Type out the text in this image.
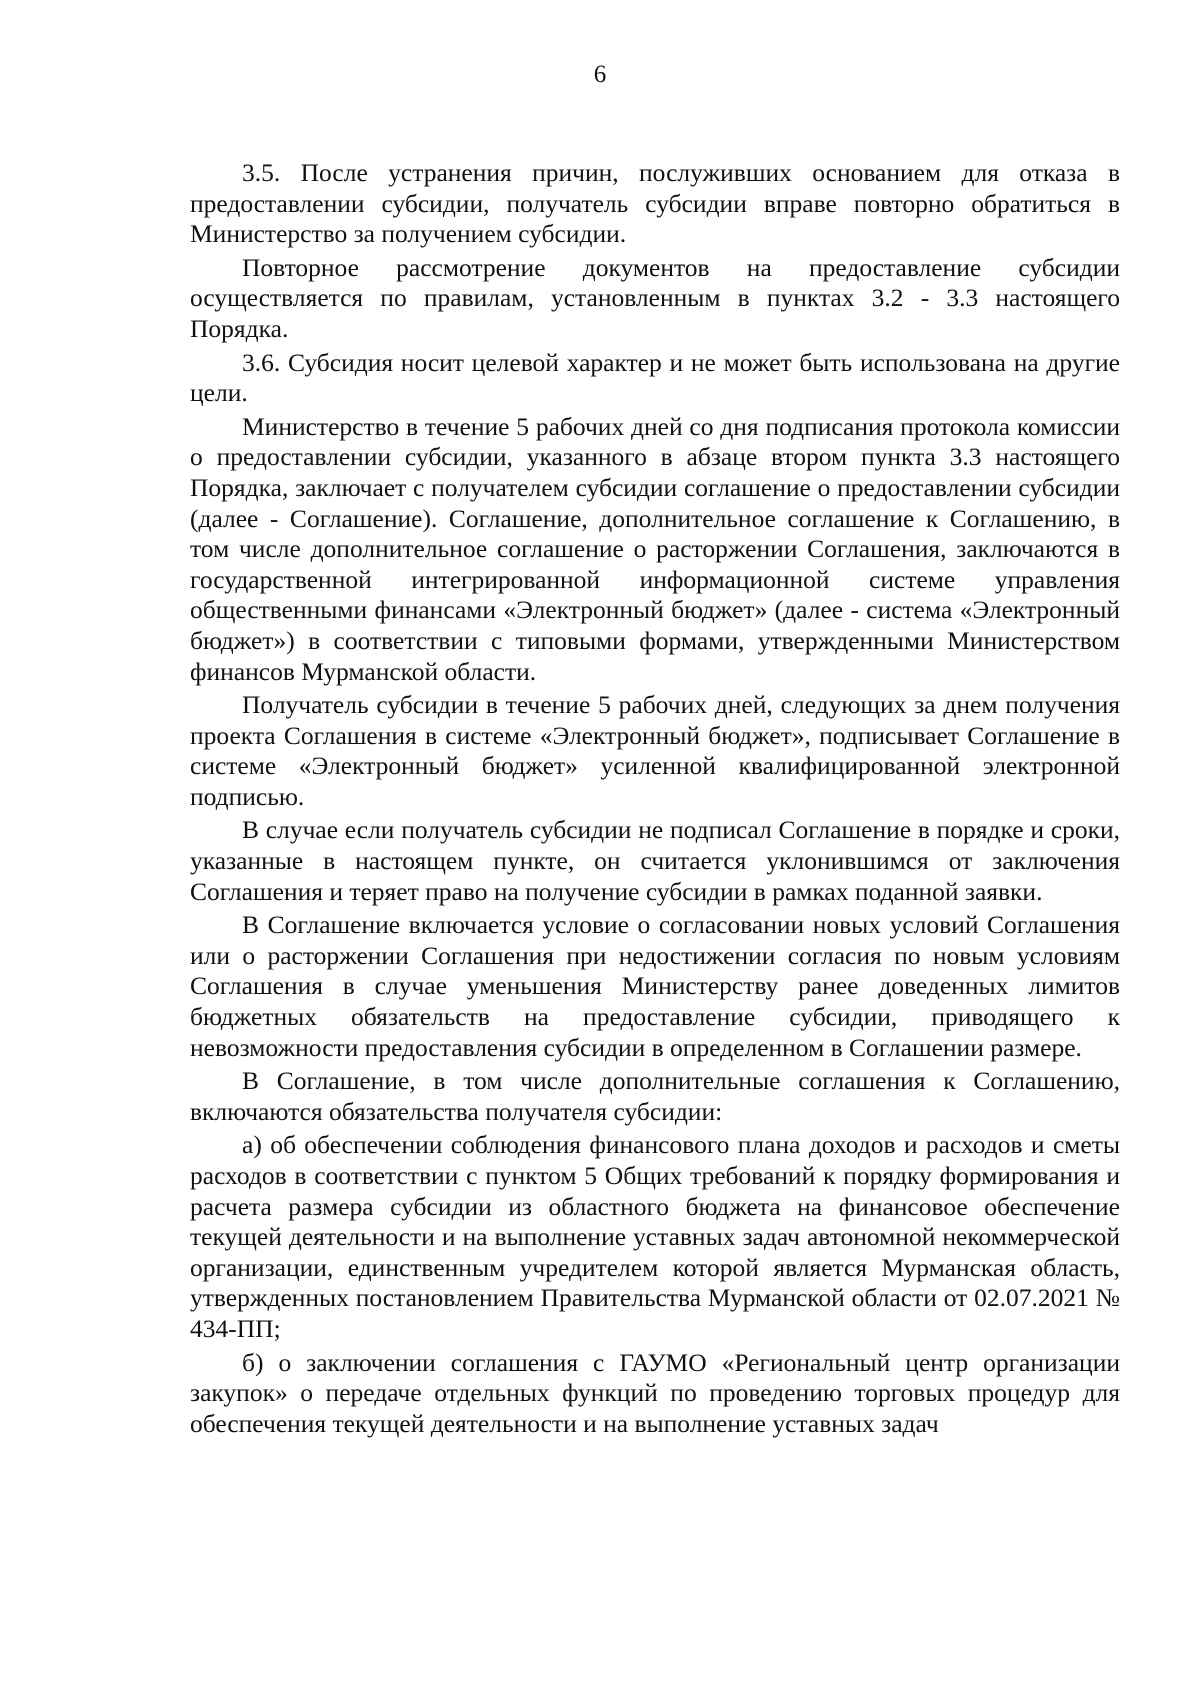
6

3.5. После устранения причин, послуживших основанием для отказа в предоставлении субсидии, получатель субсидии вправе повторно обратиться в Министерство за получением субсидии.

Повторное рассмотрение документов на предоставление субсидии осуществляется по правилам, установленным в пунктах 3.2 - 3.3 настоящего Порядка.

3.6. Субсидия носит целевой характер и не может быть использована на другие цели.

Министерство в течение 5 рабочих дней со дня подписания протокола комиссии о предоставлении субсидии, указанного в абзаце втором пункта 3.3 настоящего Порядка, заключает с получателем субсидии соглашение о предоставлении субсидии (далее - Соглашение). Соглашение, дополнительное соглашение к Соглашению, в том числе дополнительное соглашение о расторжении Соглашения, заключаются в государственной интегрированной информационной системе управления общественными финансами «Электронный бюджет» (далее - система «Электронный бюджет») в соответствии с типовыми формами, утвержденными Министерством финансов Мурманской области.

Получатель субсидии в течение 5 рабочих дней, следующих за днем получения проекта Соглашения в системе «Электронный бюджет», подписывает Соглашение в системе «Электронный бюджет» усиленной квалифицированной электронной подписью.

В случае если получатель субсидии не подписал Соглашение в порядке и сроки, указанные в настоящем пункте, он считается уклонившимся от заключения Соглашения и теряет право на получение субсидии в рамках поданной заявки.

В Соглашение включается условие о согласовании новых условий Соглашения или о расторжении Соглашения при недостижении согласия по новым условиям Соглашения в случае уменьшения Министерству ранее доведенных лимитов бюджетных обязательств на предоставление субсидии, приводящего к невозможности предоставления субсидии в определенном в Соглашении размере.

В Соглашение, в том числе дополнительные соглашения к Соглашению, включаются обязательства получателя субсидии:

а) об обеспечении соблюдения финансового плана доходов и расходов и сметы расходов в соответствии с пунктом 5 Общих требований к порядку формирования и расчета размера субсидии из областного бюджета на финансовое обеспечение текущей деятельности и на выполнение уставных задач автономной некоммерческой организации, единственным учредителем которой является Мурманская область, утвержденных постановлением Правительства Мурманской области от 02.07.2021 № 434-ПП;

б) о заключении соглашения с ГАУМО «Региональный центр организации закупок» о передаче отдельных функций по проведению торговых процедур для обеспечения текущей деятельности и на выполнение уставных задач
